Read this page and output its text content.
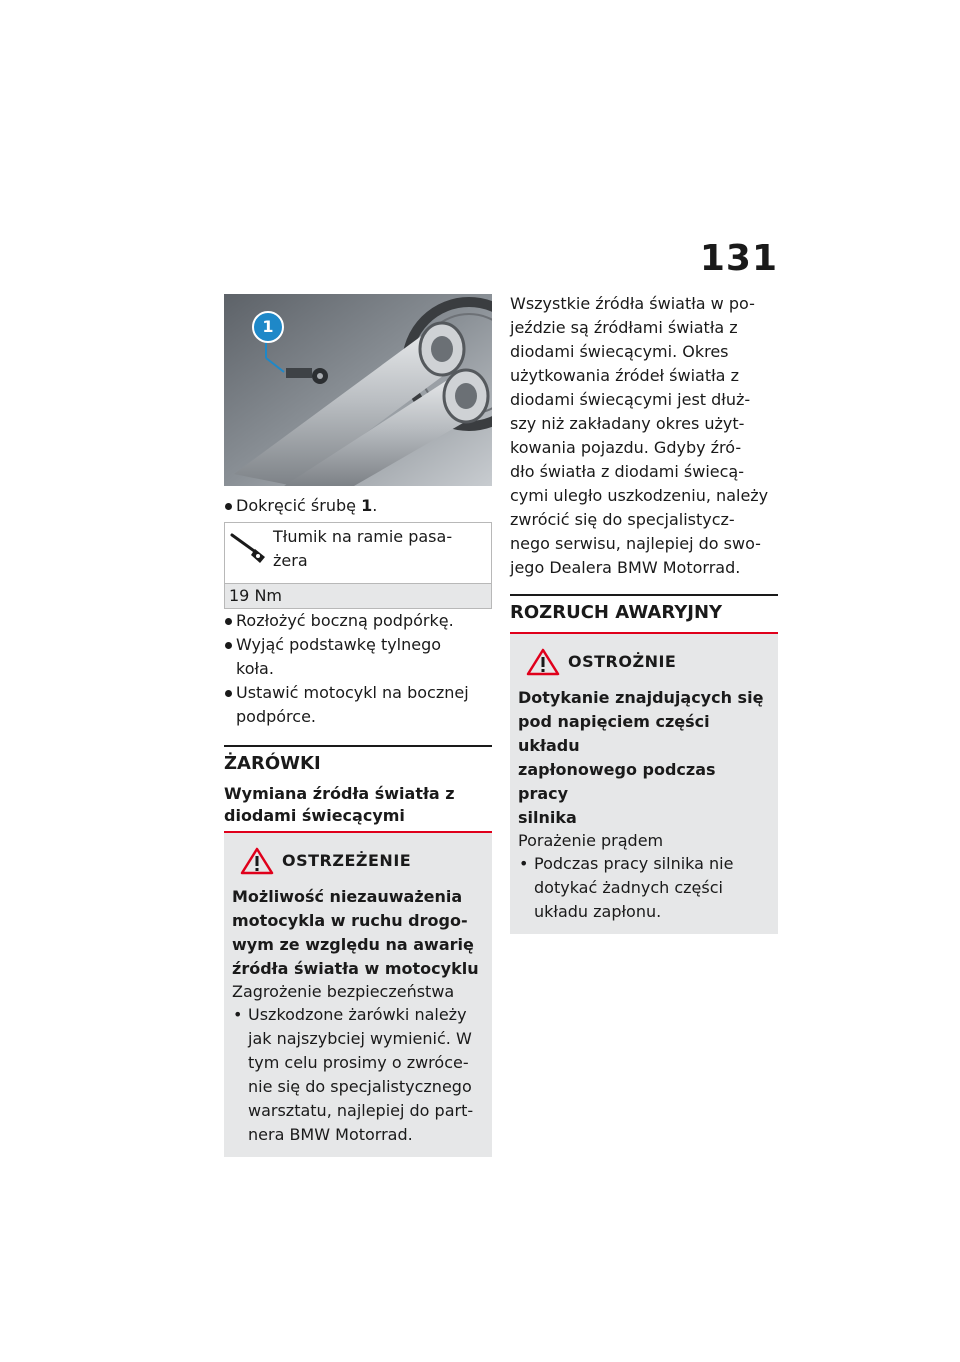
131
1
Dokręcić śrubę 1.
Tłumik na ramie pasa-
żera
19 Nm
Rozłożyć boczną podpórkę.
Wyjąć podstawkę tylnego
koła.
Ustawić motocykl na bocznej
podpórce.
ŻARÓWKI
Wymiana źródła światła z
diodami świecącymi
OSTRZEŻENIE
Możliwość niezauważenia
motocykla w ruchu drogo-
wym ze względu na awarię
źródła światła w motocyklu
Zagrożenie bezpieczeństwa
• Uszkodzone żarówki należy
jak najszybciej wymienić. W
tym celu prosimy o zwróce-
nie się do specjalistycznego
warsztatu, najlepiej do part-
nera BMW Motorrad.
Wszystkie źródła światła w po-
jeździe są źródłami światła z
diodami świecącymi. Okres
użytkowania źródeł światła z
diodami świecącymi jest dłuż-
szy niż zakładany okres użyt-
kowania pojazdu. Gdyby źró-
dło światła z diodami świecą-
cymi uległo uszkodzeniu, należy
zwrócić się do specjalistycz-
nego serwisu, najlepiej do swo-
jego Dealera BMW Motorrad.
ROZRUCH AWARYJNY
OSTROŻNIE
Dotykanie znajdujących się
pod napięciem części układu
zapłonowego podczas pracy
silnika
Porażenie prądem
• Podczas pracy silnika nie
dotykać żadnych części
układu zapłonu.
